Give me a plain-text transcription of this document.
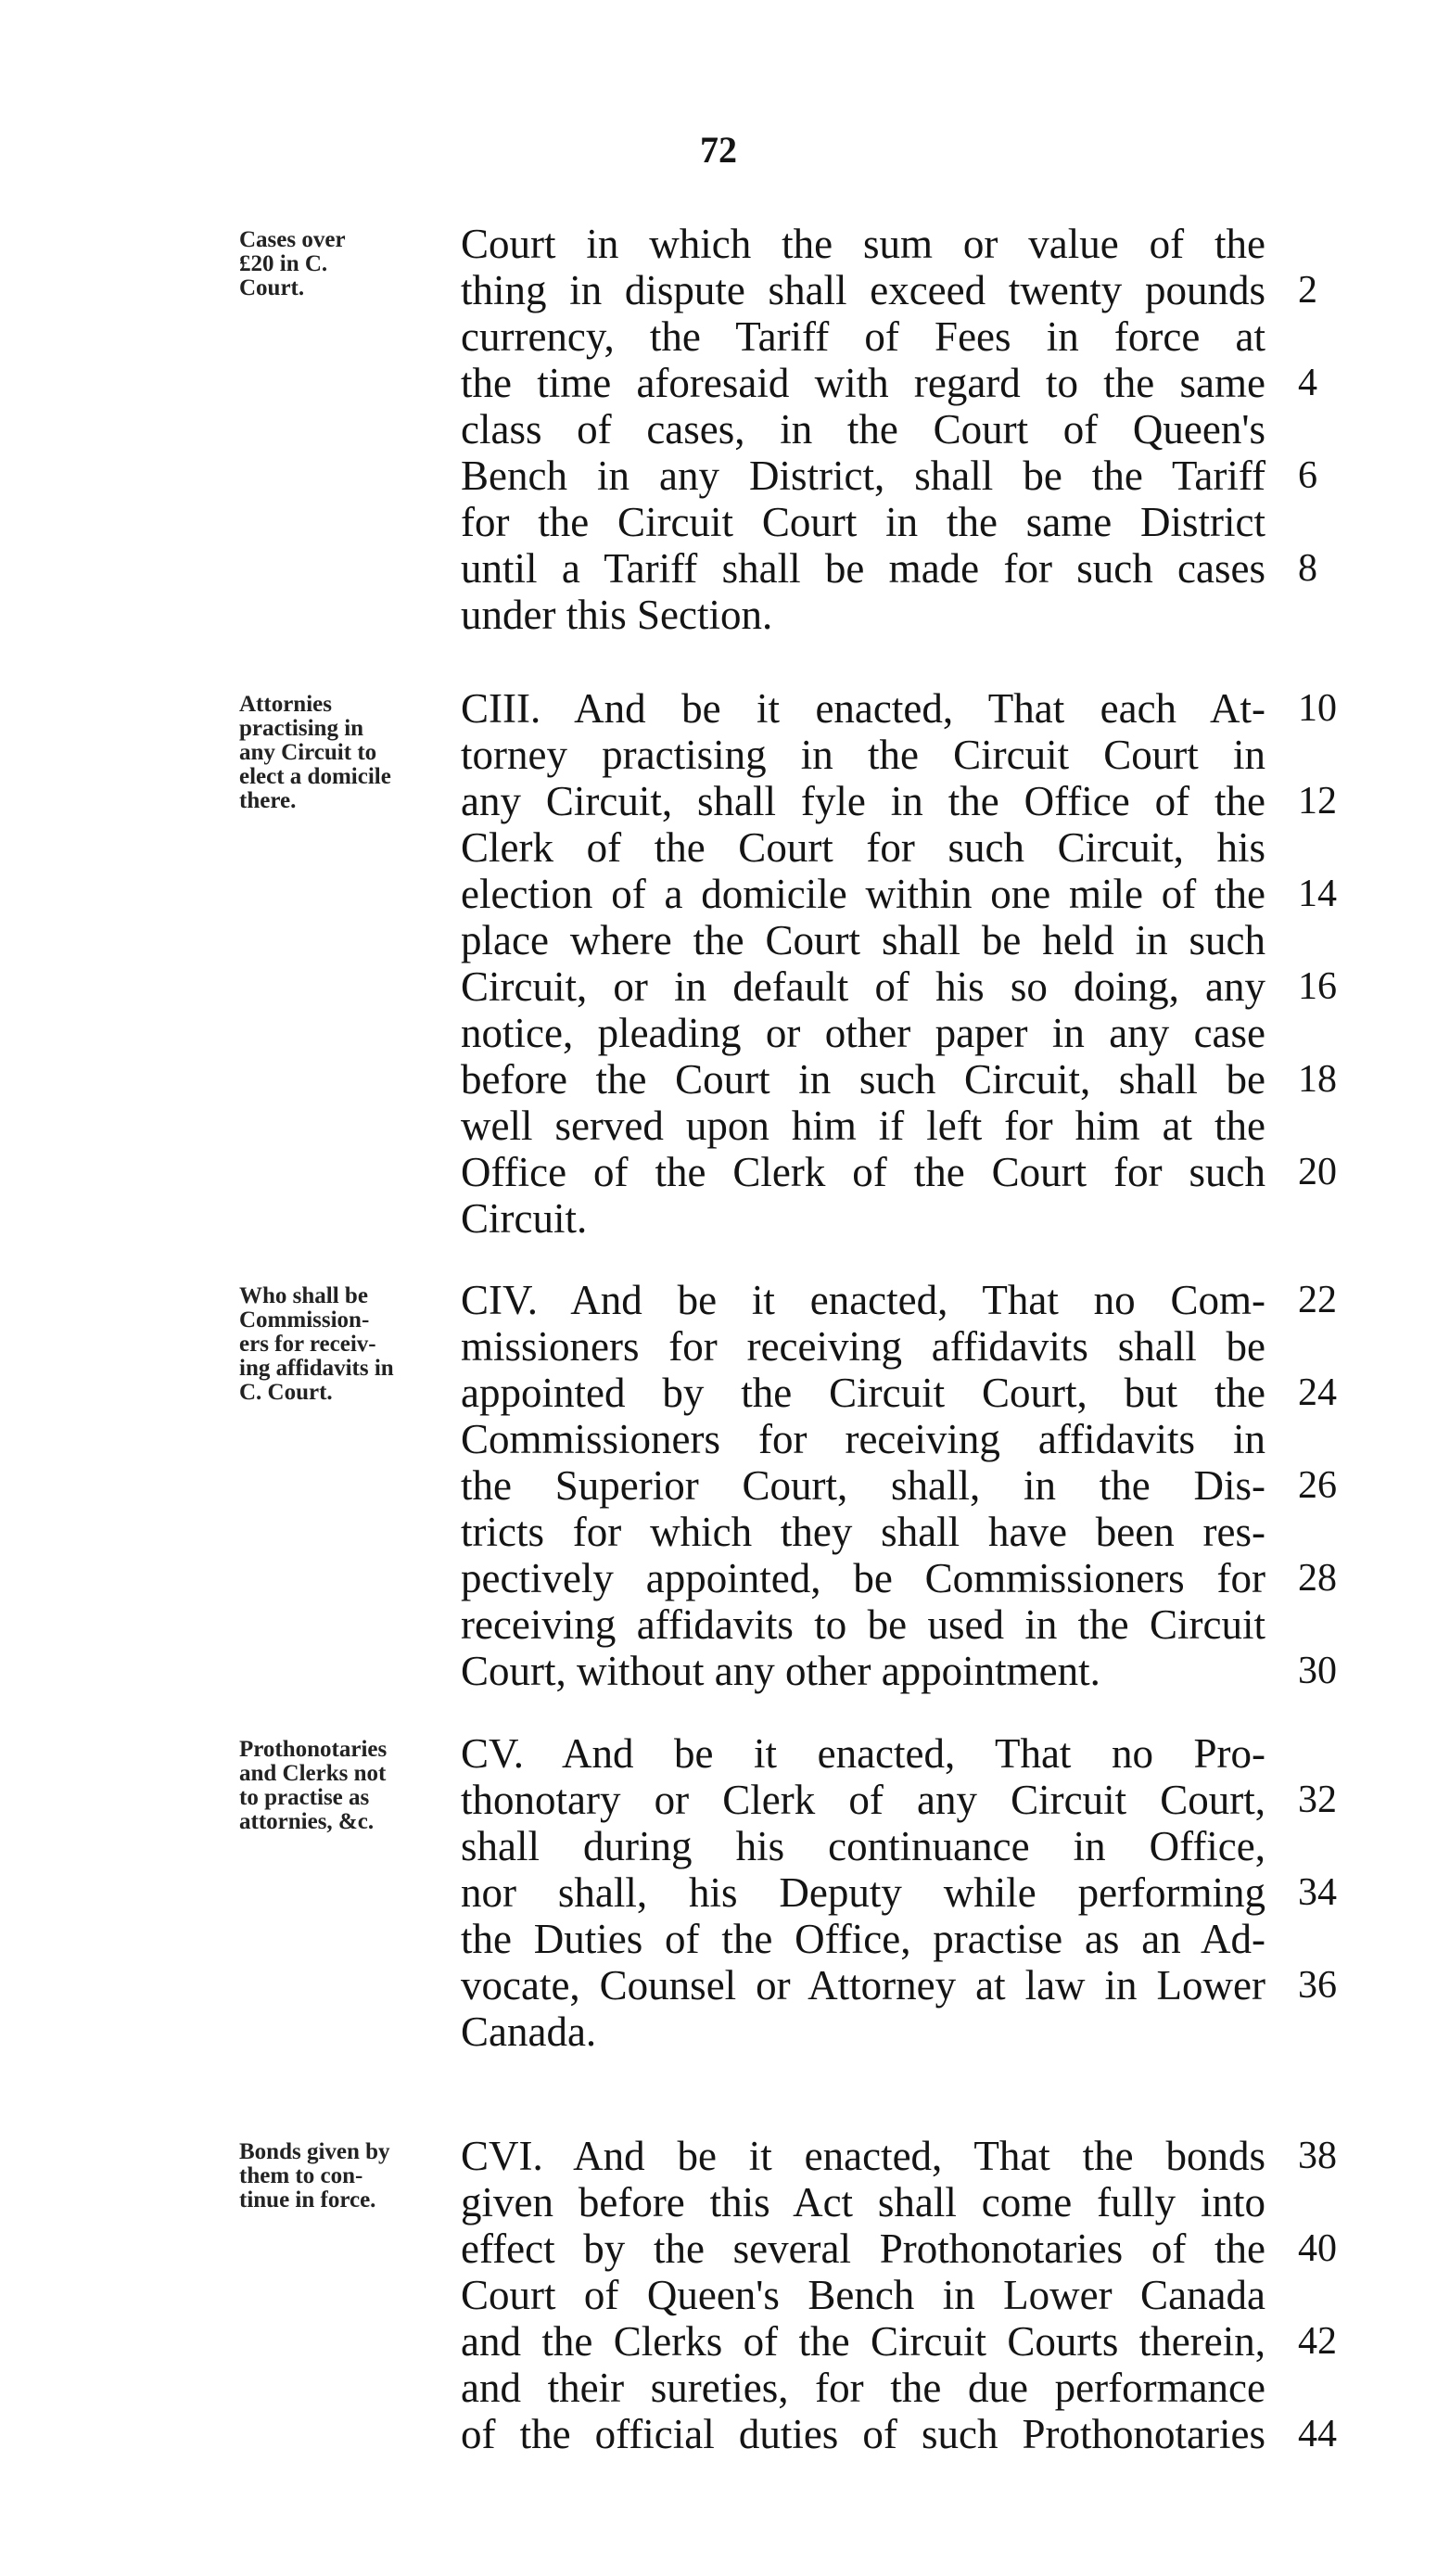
72
Cases over
£20 in C.
Court.
Court in which the sum or value of the
thing in dispute shall exceed twenty pounds 2
currency, the Tariff of Fees in force at
the time aforesaid with regard to the same 4
class of cases, in the Court of Queen's
Bench in any District, shall be the Tariff 6
for the Circuit Court in the same District
until a Tariff shall be made for such cases 8
under this Section.
Attornies
practising in
any Circuit to
elect a domicile
there.
CIII. And be it enacted, That each At- 10
torney practising in the Circuit Court in
any Circuit, shall fyle in the Office of the 12
Clerk of the Court for such Circuit, his
election of a domicile within one mile of the 14
place where the Court shall be held in such
Circuit, or in default of his so doing, any 16
notice, pleading or other paper in any case
before the Court in such Circuit, shall be 18
well served upon him if left for him at the
Office of the Clerk of the Court for such 20
Circuit.
Who shall be
Commission-
ers for receiv-
ing affidavits in
C. Court.
CIV. And be it enacted, That no Com- 22
missioners for receiving affidavits shall be
appointed by the Circuit Court, but the 24
Commissioners for receiving affidavits in
the Superior Court, shall, in the Dis- 26
tricts for which they shall have been res-
pectively appointed, be Commissioners for 28
receiving affidavits to be used in the Circuit
Court, without any other appointment.	30
Prothonotaries
and Clerks not
to practise as
attornies, &c.
CV. And be it enacted, That no Pro-
thonotary or Clerk of any Circuit Court, 32
shall during his continuance in Office,
nor shall, his Deputy while performing 34
the Duties of the Office, practise as an Ad-
vocate, Counsel or Attorney at law in Lower 36
Canada.
Bonds given by
them to con-
tinue in force.
CVI. And be it enacted, That the bonds 38
given before this Act shall come fully into
effect by the several Prothonotaries of the 40
Court of Queen's Bench in Lower Canada
and the Clerks of the Circuit Courts therein, 42
and their sureties, for the due performance
of the official duties of such Prothonotaries 44
